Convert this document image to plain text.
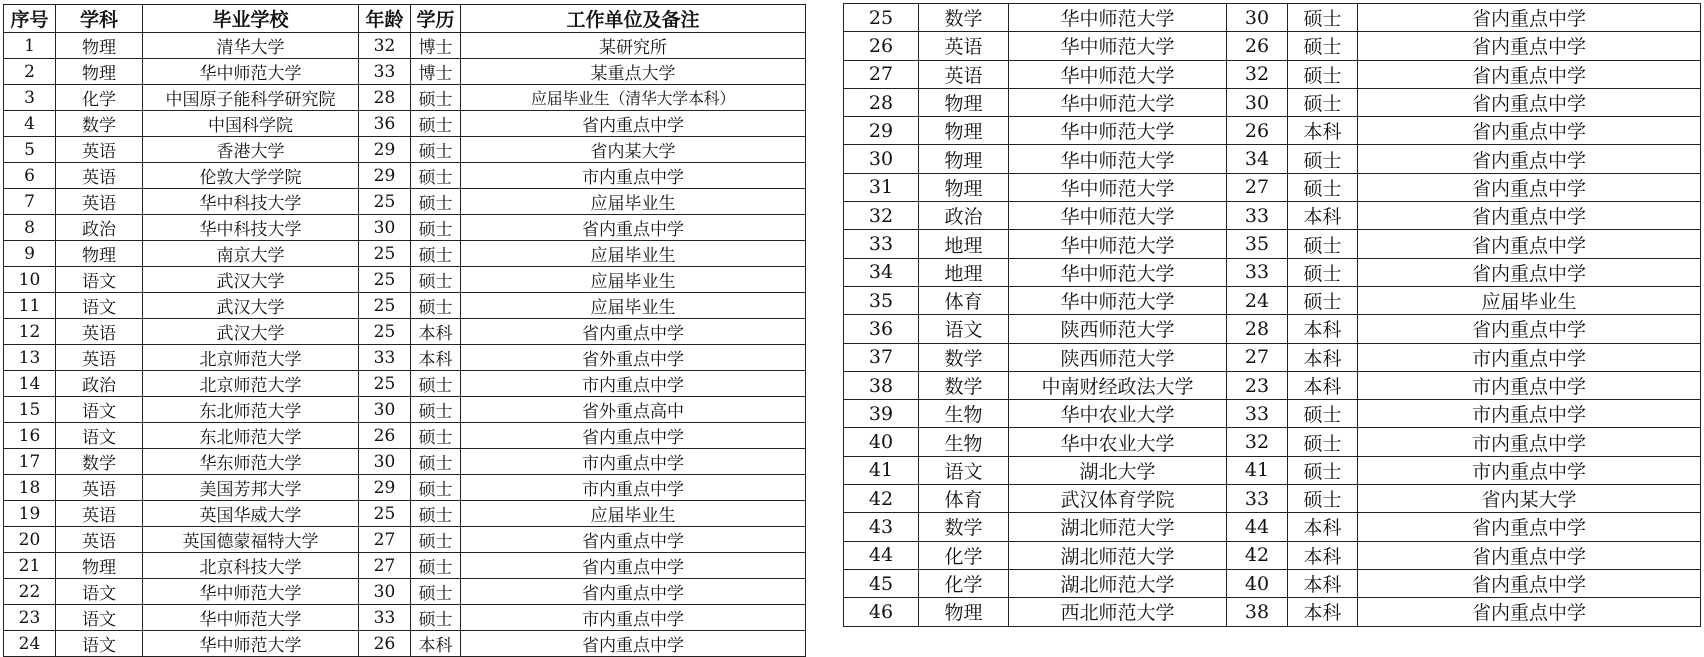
序号	学科	毕业学校	年龄	学历	工作单位及备注
1	物理	清华大学	32	博士	某研究所
2	物理	华中师范大学	33	博士	某重点大学
3	化学	中国原子能科学研究院	28	硕士	应届毕业生（清华大学本科）
4	数学	中国科学院	36	硕士	省内重点中学
5	英语	香港大学	29	硕士	省内某大学
6	英语	伦敦大学学院	29	硕士	市内重点中学
7	英语	华中科技大学	25	硕士	应届毕业生
8	政治	华中科技大学	30	硕士	省内重点中学
9	物理	南京大学	25	硕士	应届毕业生
10	语文	武汉大学	25	硕士	应届毕业生
11	语文	武汉大学	25	硕士	应届毕业生
12	英语	武汉大学	25	本科	省内重点中学
13	英语	北京师范大学	33	本科	省外重点中学
14	政治	北京师范大学	25	硕士	市内重点中学
15	语文	东北师范大学	30	硕士	省外重点高中
16	语文	东北师范大学	26	硕士	省内重点中学
17	数学	华东师范大学	30	硕士	市内重点中学
18	英语	美国芳邦大学	29	硕士	市内重点中学
19	英语	英国华威大学	25	硕士	应届毕业生
20	英语	英国德蒙福特大学	27	硕士	省内重点中学
21	物理	北京科技大学	27	硕士	省内重点中学
22	语文	华中师范大学	30	硕士	省内重点中学
23	语文	华中师范大学	33	硕士	市内重点中学
24	语文	华中师范大学	26	本科	省内重点中学
25	数学	华中师范大学	30	硕士	省内重点中学
26	英语	华中师范大学	26	硕士	省内重点中学
27	英语	华中师范大学	32	硕士	省内重点中学
28	物理	华中师范大学	30	硕士	省内重点中学
29	物理	华中师范大学	26	本科	省内重点中学
30	物理	华中师范大学	34	硕士	省内重点中学
31	物理	华中师范大学	27	硕士	省内重点中学
32	政治	华中师范大学	33	本科	省内重点中学
33	地理	华中师范大学	35	硕士	省内重点中学
34	地理	华中师范大学	33	硕士	省内重点中学
35	体育	华中师范大学	24	硕士	应届毕业生
36	语文	陕西师范大学	28	本科	省内重点中学
37	数学	陕西师范大学	27	本科	市内重点中学
38	数学	中南财经政法大学	23	本科	市内重点中学
39	生物	华中农业大学	33	硕士	市内重点中学
40	生物	华中农业大学	32	硕士	市内重点中学
41	语文	湖北大学	41	硕士	市内重点中学
42	体育	武汉体育学院	33	硕士	省内某大学
43	数学	湖北师范大学	44	本科	省内重点中学
44	化学	湖北师范大学	42	本科	省内重点中学
45	化学	湖北师范大学	40	本科	省内重点中学
46	物理	西北师范大学	38	本科	省内重点中学
